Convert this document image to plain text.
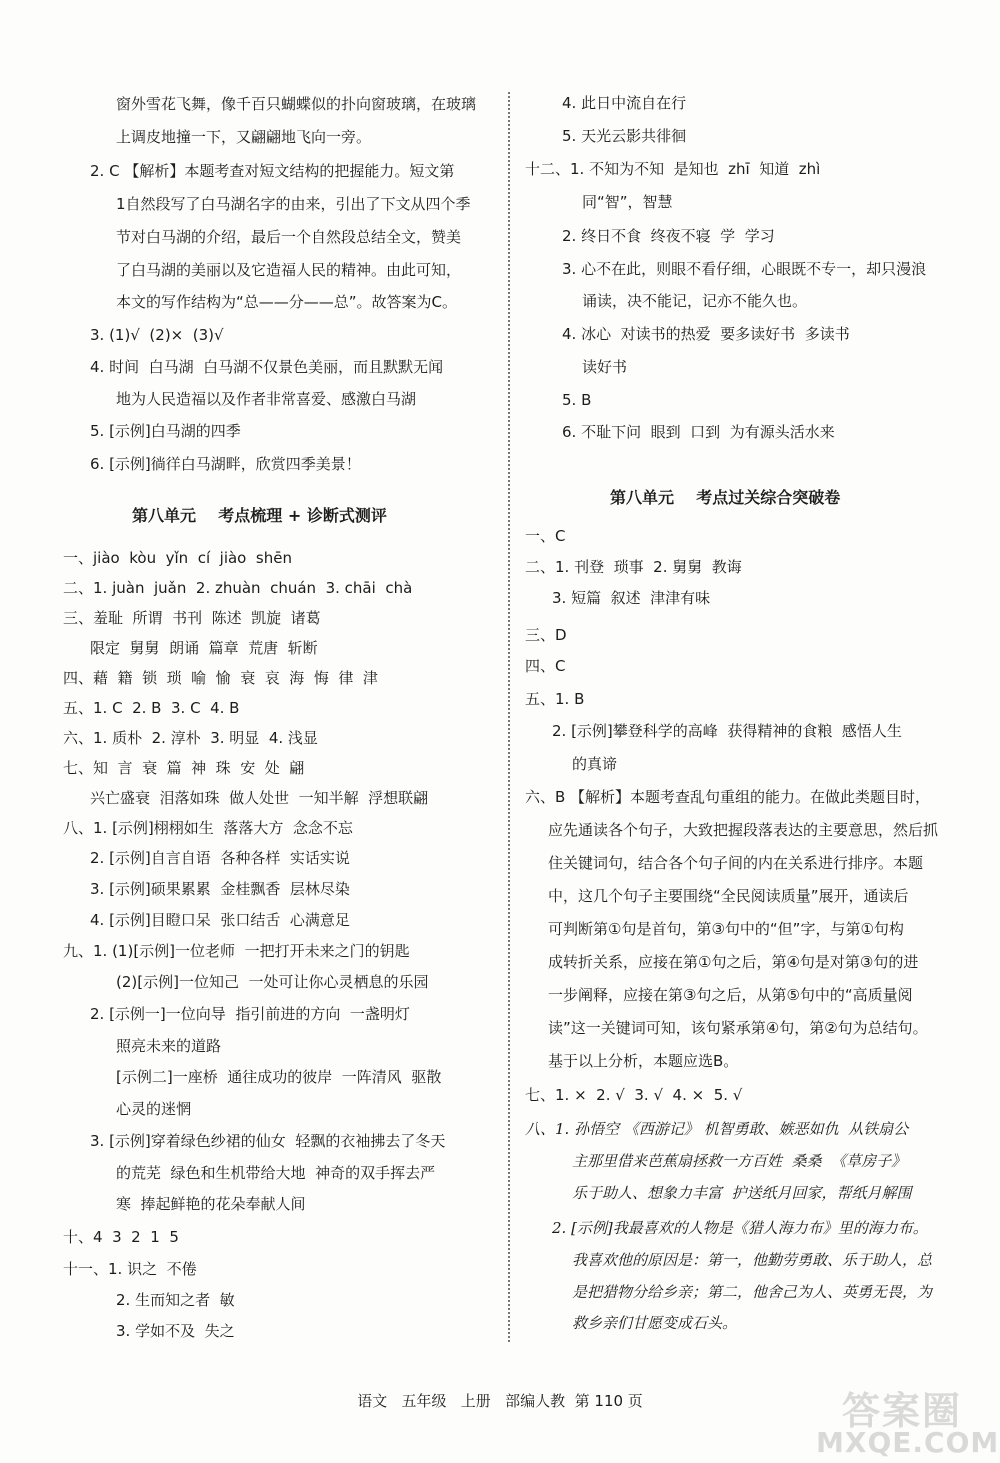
窗外雪花飞舞，像千百只蝴蝶似的扑向窗玻璃，在玻璃
上调皮地撞一下，又翩翩地飞向一旁。
2. C 【解析】本题考查对短文结构的把握能力。短文第
1自然段写了白马湖名字的由来，引出了下文从四个季
节对白马湖的介绍，最后一个自然段总结全文，赞美
了白马湖的美丽以及它造福人民的精神。由此可知，
本文的写作结构为“总——分——总”。故答案为C。
3. (1)√  (2)×  (3)√
4. 时间  白马湖  白马湖不仅景色美丽，而且默默无闻
地为人民造福以及作者非常喜爱、感激白马湖
5. [示例]白马湖的四季
6. [示例]徜徉白马湖畔，欣赏四季美景！
第八单元    考点梳理 + 诊断式测评
一、jiào  kòu  yǐn  cí  jiào  shēn
二、1. juàn  juǎn  2. zhuàn  chuán  3. chāi  chà
三、羞耻  所谓  书刊  陈述  凯旋  诸葛
限定  舅舅  朗诵  篇章  荒唐  斩断
四、藉  籍  锁  琐  喻  愉  衰  哀  海  悔  律  津
五、1. C  2. B  3. C  4. B
六、1. 质朴  2. 淳朴  3. 明显  4. 浅显
七、知  言  衰  篇  神  珠  安  处  翩
兴亡盛衰  泪落如珠  做人处世  一知半解  浮想联翩
八、1. [示例]栩栩如生  落落大方  念念不忘
2. [示例]自言自语  各种各样  实话实说
3. [示例]硕果累累  金桂飘香  层林尽染
4. [示例]目瞪口呆  张口结舌  心满意足
九、1. (1)[示例]一位老师  一把打开未来之门的钥匙
(2)[示例]一位知己  一处可让你心灵栖息的乐园
2. [示例一]一位向导  指引前进的方向  一盏明灯
照亮未来的道路
[示例二]一座桥  通往成功的彼岸  一阵清风  驱散
心灵的迷惘
3. [示例]穿着绿色纱裙的仙女  轻飘的衣袖拂去了冬天
的荒芜  绿色和生机带给大地  神奇的双手挥去严
寒  捧起鲜艳的花朵奉献人间
十、4  3  2  1  5
十一、1. 识之  不倦
2. 生而知之者  敏
3. 学如不及  失之
4. 此日中流自在行
5. 天光云影共徘徊
十二、1. 不知为不知  是知也  zhī  知道  zhì
同“智”，智慧
2. 终日不食  终夜不寝  学  学习
3. 心不在此，则眼不看仔细，心眼既不专一，却只漫浪
诵读，决不能记，记亦不能久也。
4. 冰心  对读书的热爱  要多读好书  多读书
读好书
5. B
6. 不耻下问  眼到  口到  为有源头活水来
第八单元    考点过关综合突破卷
一、C
二、1. 刊登  琐事  2. 舅舅  教诲
3. 短篇  叙述  津津有味
三、D
四、C
五、1. B
2. [示例]攀登科学的高峰  获得精神的食粮  感悟人生
的真谛
六、B 【解析】本题考查乱句重组的能力。在做此类题目时，
应先通读各个句子，大致把握段落表达的主要意思，然后抓
住关键词句，结合各个句子间的内在关系进行排序。本题
中，这几个句子主要围绕“全民阅读质量”展开，通读后
可判断第①句是首句，第③句中的“但”字，与第①句构
成转折关系，应接在第①句之后，第④句是对第③句的进
一步阐释，应接在第③句之后，从第⑤句中的“高质量阅
读”这一关键词可知，该句紧承第④句，第②句为总结句。
基于以上分析，本题应选B。
七、1. ×  2. √  3. √  4. ×  5. √
八、1. 孙悟空 《西游记》 机智勇敢、嫉恶如仇  从铁扇公
主那里借来芭蕉扇拯救一方百姓  桑桑  《草房子》
乐于助人、想象力丰富  护送纸月回家，帮纸月解围
2. [示例]我最喜欢的人物是《猎人海力布》里的海力布。
我喜欢他的原因是：第一，他勤劳勇敢、乐于助人，总
是把猎物分给乡亲；第二，他舍己为人、英勇无畏，为
救乡亲们甘愿变成石头。
语文   五年级   上册   部编人教  第 110 页	答案圈
MXQE.COM
